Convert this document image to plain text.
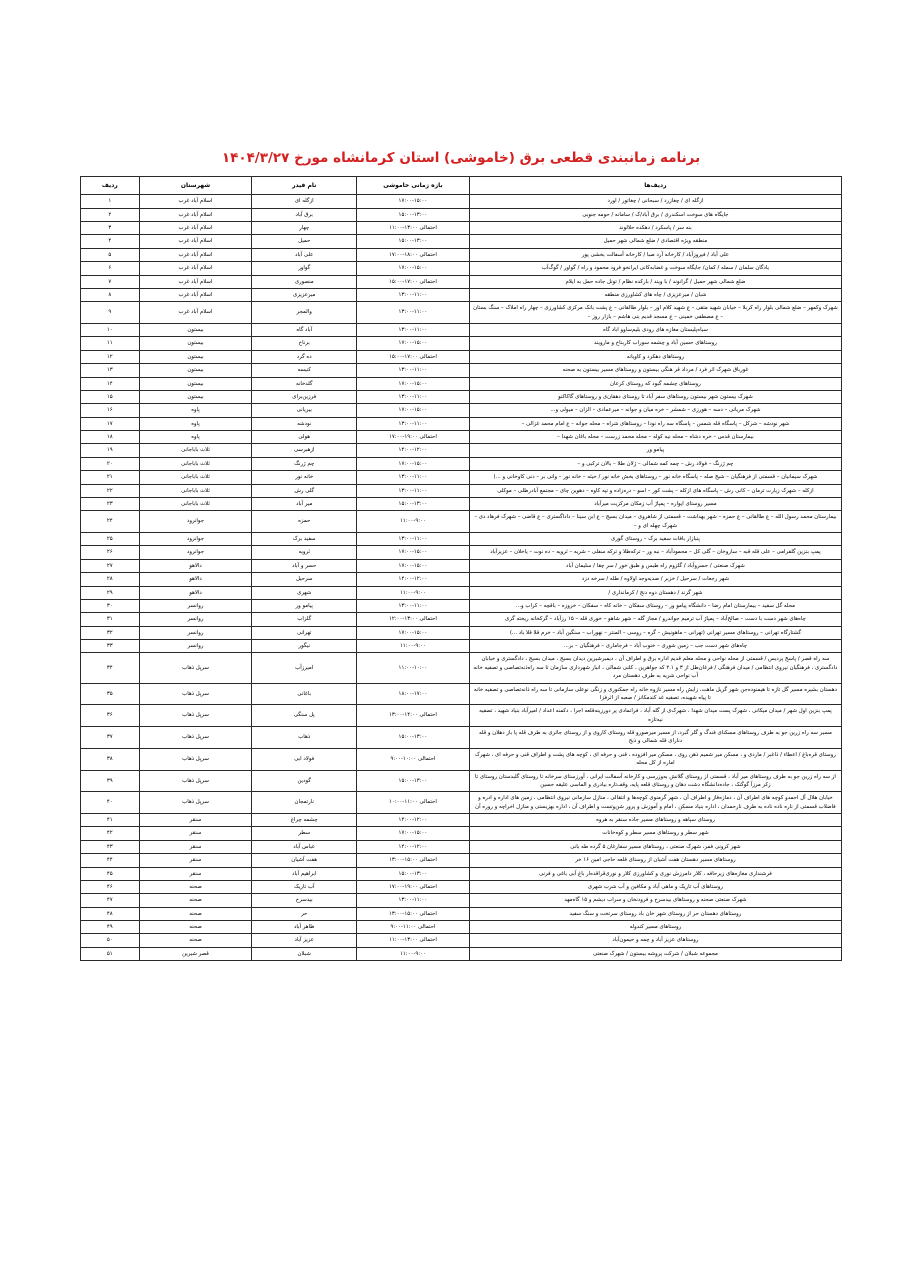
برنامه زمانبندی قطعی برق (خاموشی) استان کرمانشاه مورخ ۱۴۰۴/۳/۲۷
ردیف‌ها	بازه زمانی خاموشی	نام فیدر	شهرستان	ردیف
ازگله ای / چغازرد / سبحانی / چغاتور / اورد	۱۷:۰۰-۱۵:۰۰	ازگله ای	اسلام آباد غرب	۱
جایگاه های سوخت اسکندری / برق آباد/ک / سامانه / حومه جنوبی	۱۵:۰۰-۱۳:۰۰	برق آباد	اسلام آباد غرب	۲
بنه سر / پاسکرد / دهکده حلالوند	احتمالی ۱۳:۰۰-۱۱:۰۰	چهار	اسلام آباد غرب	۳
منطقه ویژه اقتصادی / ضلع شمالی شهر حمیل	۱۵:۰۰-۱۳:۰۰	حمیل	اسلام آباد غرب	۴
علی آباد / فیروزآباد / کارخانه آرد صبا / کارخانه آسفالت بخشی پور	احتمالی ۱۸:۰۰-۱۷:۰۰	علی آباد	اسلام آباد غرب	۵
یادگان سلمان / سمله / کمان/ جایگاه سوخت و غضابه‌کانی ایرانخو فرود محمود و راه / گواور / گوگ‌آب	۱۷:۰۰-۱۵:۰۰	گواور	اسلام آباد غرب	۶
ضلع شمالی شهر حمیل / گرانوند / با ویند / بارکده نظام / تونل جاده حمل به ایلام	احتمالی ۱۷:۰۰-۱۵:۰۰	منصوری	اسلام آباد غرب	۷
شبان / میرعزیزی / چاه های کشاورزی منطقه	۱۳:۰۰-۱۱:۰۰	میرعزیزی	اسلام آباد غرب	۸
شهرک وکمهر – ضلع شمالی بلوار راه کربلا – خیابان شهید متقی – ع شهید کلام اور – بلوار طالقانی – ع پشت بانک مرکزی کشاورزی – چهار راه املاک – سنگ بستان – ع مصطفی خمینی – ع مسجد قدیم بنی هاشم – بازار روز –	۱۳:۰۰-۱۱:۰۰	والمجر	اسلام آباد غرب	۹
سیاه‌پلیستان مغازه های رودی بلیم‌ساوو اباد گاه	۱۳:۰۰-۱۱:۰۰	آباد گاه	بیستون	۱۰
روستاهای حسین آباد و چشمه سوراب کاربناخ و مارویند	۱۷:۰۰-۱۵:۰۰	برناخ	بیستون	۱۱
روستاهای دهکرد و کاویانه	احتمالی ۱۷:۰۰-۱۵:۰۰	ده گرد	بیستون	۱۲
غورباق شهرک اثر فرد / مرداد قر هنگی بیستون و روستاهای مسیر بیستون به صحنه	۱۳:۰۰-۱۱:۰۰	کنیسه	بیستون	۱۳
روستاهای چشمه گبود که روستای کرعان	۱۷:۰۰-۱۵:۰۰	گلدخانه	بیستون	۱۴
شهرک بیستون شهر بیستون روستاهای سفر آباد تا روستای دهقان‌ی و روستاهای گاکاکنو	۱۳:۰۰-۱۱:۰۰	فرزین‌برای	بیستون	۱۵
شهرک مریانی – دسه – هورزی – شمشر – خره میان و جوانه – میرعمادی – الزان – میولی و...	۱۷:۰۰-۱۵:۰۰	بیریانی	پاوه	۱۶
شهر نودشه – شرکل – پاسگاه قله شمس – پاسگاه سه راه نودا – روستاهای شراه – محله جوانه – ع امام محمد غزالی –	۱۳:۰۰-۱۱:۰۰	نودشه	پاوه	۱۷
بیمارستان قدس – خره دشاه – محله نیه کوله – محله محمد زرست – محله باغان شهدا –	احتمالی ۱۹:۰۰-۱۷:۰۰	هولی	پاوه	۱۸
پیامو ور	۱۴:۰۰-۱۲:۰۰	ازهبرسی	ثلاث باباجانی	۱۹
چم ژرنگ – فولاد رش – چمه کمه شمالی – ژلان طلا – بالان ترکبی و –	۱۷:۰۰-۱۵:۰۰	چم ژرنگ	ثلاث باباجانی	۲۰
شهرک سیمانیان – قسمتی از فرهنگیان – شیخ صله – پاسگاه خانه نور – روستاهای بخش خانه نور / حیثه – خانه نور – وانی بر – دنی کاوخانی و ...)	۱۳:۰۰-۱۱:۰۰	خانه نور	ثلاث باباجانی	۲۱
ازکله – شهرک زیارت ترمان – کانی رش – پاسگاه های ازکله – پشت کور – اسو – دره‌زاده و تپه کاوه – دهوین چای – مجتمع آبادرطلی – موکلی	۱۳:۰۰-۱۱:۰۰	گلی رش	ثلاث باباجانی	۲۲
مسیر روستای ایواره – پمپاژ آب زمکان مرکزیت میرآباد	۱۵:۰۰-۱۳:۰۰	میر آباد	ثلاث باباجانی	۲۳
بیمارستان محمد رسول الله – ع طالقانی – ع حمزه – شهر بهداشت – قسمتی از شاهروی – میدان بسیج – ع ابن سینا – داداگستری – ع قاضی – شهرک فرهاد دی – شهرک چهله ای و –	۱۱:۰۰-۹:۰۰	حمزه	جوانرود	۲۴
پنبازار بافات سفید برک – روستای گوری	۱۳:۰۰-۱۱:۰۰	سفید برک	جوانرود	۲۵
پمپ بنزین گلفرامی – علی قله قبه – ساروخان – گلی کل – محمودآباد – نبه ور – ترکه‌طلا و ترکه سفلی – شریه – ثرویه – ده نوت – یاخلان – عزیزآباد	۱۷:۰۰-۱۵:۰۰	ثرویه	جوانرود	۲۶
شهرک صنعتی / حسروآباد / گلزوم راه طبس و طبق خور / سر چقا / سلیمان آباد	۱۷:۰۰-۱۵:۰۰	حسر و آباد	دالاهو	۲۷
شهر رجعات / سرحیل / خزبر / صدیه‌وجد اولاوه / طله / سرخه دزد	۱۴:۰۰-۱۲:۰۰	سرحیل	دالاهو	۲۸
شهر گرند / دهستان دوه دنج / کرمانداری /	۱۱:۰۰-۹:۰۰	شهری	دالاهو	۲۹
محله گل سفید – بیمارستان امام رضا – دانشگاه پیامو ور – روستای سفکان – خانه کاه – سفکان – خروزه – باقچه – کراب و...	۱۳:۰۰-۱۱:۰۰	پیامو ور	روانسر	۳۰
چاه‌های شهر دست با دست – صالح‌آباد – پمپاژ آب ترمیم جواندرو / مجاز گله – شهر شاهو – خوری قله – ۱۵ رزآباد – گرکخانه ریخته گری	احتمالی ۱۳:۰۰-۱۲:۰۰	گلزاب	روانسر	۳۱
گشتارگاه تهرانی – روستاهای مسیر تهرانی (تهرانی – ماهونیش – گره – روسی – المنتر – نهوراب – سنگین آباد – خرم قلا قلا باد ...)	۱۷:۰۰-۱۵:۰۰	تهرانی	روانسر	۳۲
چاه‌های شهر دست جب – زمین شوری – خنوب آباد – فرجاماری – فرهنگیان – بر...	۱۱:۰۰-۹:۰۰	نیگور	روانسر	۳۳
سه راه قصر / پاسخ پردیس / قسمتی از محله نواحی و محله معلم قدیم اداره برق و اطراف آن ، دیمبر‌شیرین دیدان بسیج ، میدان بسیج ، دادگستری و خیابان دادگستری ، فرهنگیان نیروی انتظامی / میدان فرهنگی / فرغان‌طل از ۳ و ۲.۱ که جواهرین ، کلنی شمالی ، انبار شهرداری سازمان تا سه راه‌ذنه‌تصاصی و تصفیه خانه آب نواحی شریه به طرف دهستان مرد	۱۱:۰۰-۱۰:۰۰	امیرزآب	سرپل ذهاب	۳۴
دهستان بشیره مسیر گل تازه تا هیمنوده‌جن شهر گریل ماهت، زایش راه مسیر نازوه خانه راه جمکنوری و زنگی نوعلی سازمانی تا سه راه ذانه‌تصاصی و تصفیه خانه تا پیاه شهیده، تصفیه غد کندمکانز / صعبه از اثرفزا	۱۸:۰۰-۱۷:۰۰	باغانی	سرپل ذهاب	۳۵
پمپ بنزین اول شهر / میدان میکانی ، شهرک پست میدان شهدا ، شهرک‌ی از گله آباد ، فرانمادی پر دورزینه‌قلعه اجرا ، دکمنه اعداد / امیرآباد بنیاد شهید ، تصفیه نیه‌تازه	احتمالی ۱۴:۰۰-۱۳:۰۰	پل سنگی	سرپل ذهاب	۳۶
مسیر سه راه زرین جو به طرف روستاهای مسکنای فندگ و گلر گبرد، از مسیر میرصورو قله روستای کاروی و از روستای جائری به طرف قله پا باز دهلان و قله دنارای قله شمالی و ذبح	۱۵:۰۰-۱۳:۰۰	ذهاب	سرپل ذهاب	۳۷
روستای قره‌باغ / اعطاء / ذاغبر / ماردی و ، مسکن میر شمیم ذهن روی ، مسکن میر افزوده ، قنی و حرفه ای ، کوچه های پشت و اطراف قنی و حرفه ای ، شهرک اماره از کل محله	احتمالی ۱۰:۰۰-۹:۰۰	فولاد ابی	سرپل ذهاب	۳۸
از سه راه زرین جو به طرف روستاهای میر آباد ، قسمتی از روستای گلانش به‌وزرسی و کارخانه آسفالت ایرانی ، آورزستای سرخانه تا روستای گلبدستان روستای تا زکر مرزآ گوگنک ، جاده‌دانشگاه دشت دهان و روستای قلعه پایه، وقف‌تاره بیادری و الماسی علیقه حسین	۱۵:۰۰-۱۳:۰۰	گودین	سرپل ذهاب	۳۹
خیابان هلال آل احمدو کوچه های اطراف آن ، دمازه‌فاز و اطراف آن ، شهر گرمنوی کوچه‌ها و انتقالی ، منازل سازمانی نیروی انتظامی ، زمین های اداره و ادره و فاضلاب قسمتی از ناره ناده ناده به طرف نارحمدان ، اداره بنیاد مسکن ، امام و آموزش و پرور شن‌وتست و اطراف آن ، اداره بهزیستی و منازل اخراچه و روره آن	احتمالی ۱۱:۰۰-۱۰:۰۰	نارتمجان	سرپل ذهاب	۴۰
روستای سپاهه و روستاهای مسیر جاده سنقر به هروه	۱۴:۰۰-۱۲:۰۰	چشمه چراغ	سنقر	۴۱
شهر سطر و روستاهای مسیر سطر و کوه‌خانات	۱۷:۰۰-۱۵:۰۰	سطر	سنقر	۴۲
شهر کرونی فمر، شهرک صنعتی ، روستاهای مسیر سفارغان ۵ گرده طه بانی	۱۴:۰۰-۱۲:۰۰	عباس آباد	سنقر	۴۳
روستاهای مسیر دهستان هفت آشیان از روستای قلعه حاجی امین ۱۶ خر	احتمالی ۱۵:۰۰-۱۳:۰۰	هفت آشیان	سنقر	۴۴
فرشنداری مغازه‌های زیرحافه ، کلار دامرزش نوری و کشاورزی کلار و نوری‌قراقده‌ار باغ آبی باغی و فرنی	۱۵:۰۰-۱۳:۰۰	ابراهیم آباد	سنقر	۴۵
روستاهای آب تاریک و ماهی آباد و مکافین و آب شرب شهری	احتمالی ۱۹:۰۰-۱۷:۰۰	آب تاریک	صحنه	۴۶
شهرک صنعتی صحنه و روستاهای بیدسرخ و فرودنخان و سراب دیشم و ۱۵ گاه‌مهد	۱۳:۰۰-۱۱:۰۰	بیدسرخ	صحنه	۴۷
روستاهای دهستان حر از روستای شهر خان باد روستای سرتخت و سنگ سفید	احتمالی ۱۵:۰۰-۱۳:۰۰	حر	صحنه	۴۸
روستاهای مسیر کندوله	احتمالی ۱۱:۰۰-۹:۰۰	ظاهر آباد	صحنه	۴۹
روستاهای عزیز آباد و چمه و حیمون‌آباد	احتمالی ۱۳:۰۰-۱۱:۰۰	عزیز آباد	صحنه	۵۰
مجموعه شبلان / شرکت پروشه بیستون / شهرک صنعتی	۱۱:۰۰-۹:۰۰	شبلان	قصر شیرین	۵۱
